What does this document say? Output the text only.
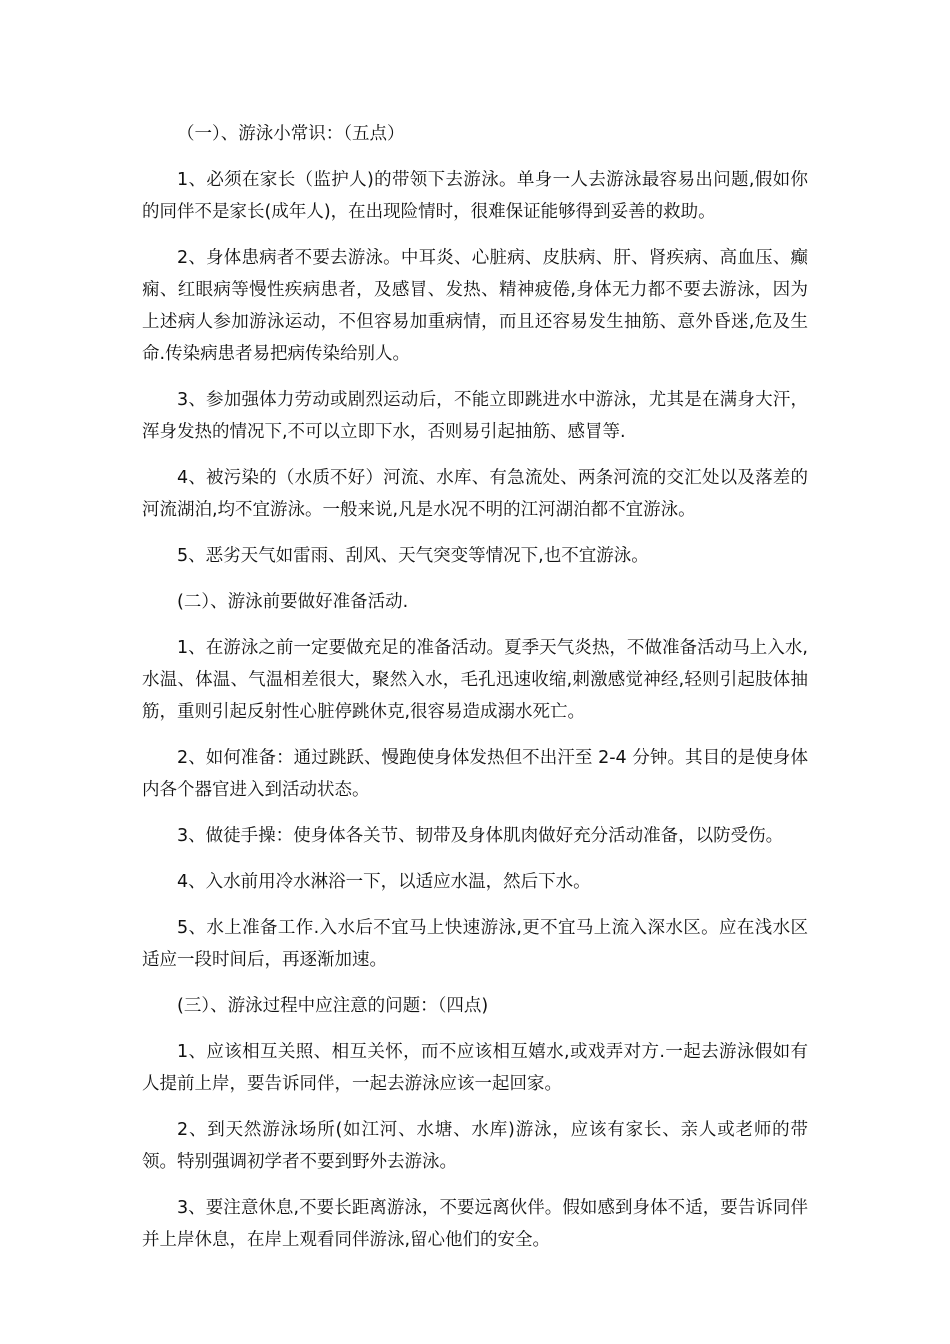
（一）、游泳小常识：（五点）

1、必须在家长（监护人)的带领下去游泳。单身一人去游泳最容易出问题,假如你的同伴不是家长(成年人)，在出现险情时，很难保证能够得到妥善的救助。

2、身体患病者不要去游泳。中耳炎、心脏病、皮肤病、肝、肾疾病、高血压、癫痫、红眼病等慢性疾病患者，及感冒、发热、精神疲倦,身体无力都不要去游泳，因为上述病人参加游泳运动，不但容易加重病情，而且还容易发生抽筋、意外昏迷,危及生命.传染病患者易把病传染给别人。

3、参加强体力劳动或剧烈运动后，不能立即跳进水中游泳，尤其是在满身大汗，浑身发热的情况下,不可以立即下水，否则易引起抽筋、感冒等.

4、被污染的（水质不好）河流、水库、有急流处、两条河流的交汇处以及落差的河流湖泊,均不宜游泳。一般来说,凡是水况不明的江河湖泊都不宜游泳。

5、恶劣天气如雷雨、刮风、天气突变等情况下,也不宜游泳。

(二）、游泳前要做好准备活动.

1、在游泳之前一定要做充足的准备活动。夏季天气炎热，不做准备活动马上入水,水温、体温、气温相差很大，聚然入水，毛孔迅速收缩,刺激感觉神经,轻则引起肢体抽筋，重则引起反射性心脏停跳休克,很容易造成溺水死亡。

2、如何准备：通过跳跃、慢跑使身体发热但不出汗至 2-4 分钟。其目的是使身体内各个器官进入到活动状态。

3、做徒手操：使身体各关节、韧带及身体肌肉做好充分活动准备，以防受伤。

4、入水前用冷水淋浴一下，以适应水温，然后下水。

5、水上准备工作.入水后不宜马上快速游泳,更不宜马上流入深水区。应在浅水区适应一段时间后，再逐渐加速。

(三）、游泳过程中应注意的问题：（四点)

1、应该相互关照、相互关怀，而不应该相互嬉水,或戏弄对方.一起去游泳假如有人提前上岸，要告诉同伴，一起去游泳应该一起回家。

2、到天然游泳场所(如江河、水塘、水库)游泳，应该有家长、亲人或老师的带领。特别强调初学者不要到野外去游泳。

3、要注意休息,不要长距离游泳，不要远离伙伴。假如感到身体不适，要告诉同伴并上岸休息，在岸上观看同伴游泳,留心他们的安全。
